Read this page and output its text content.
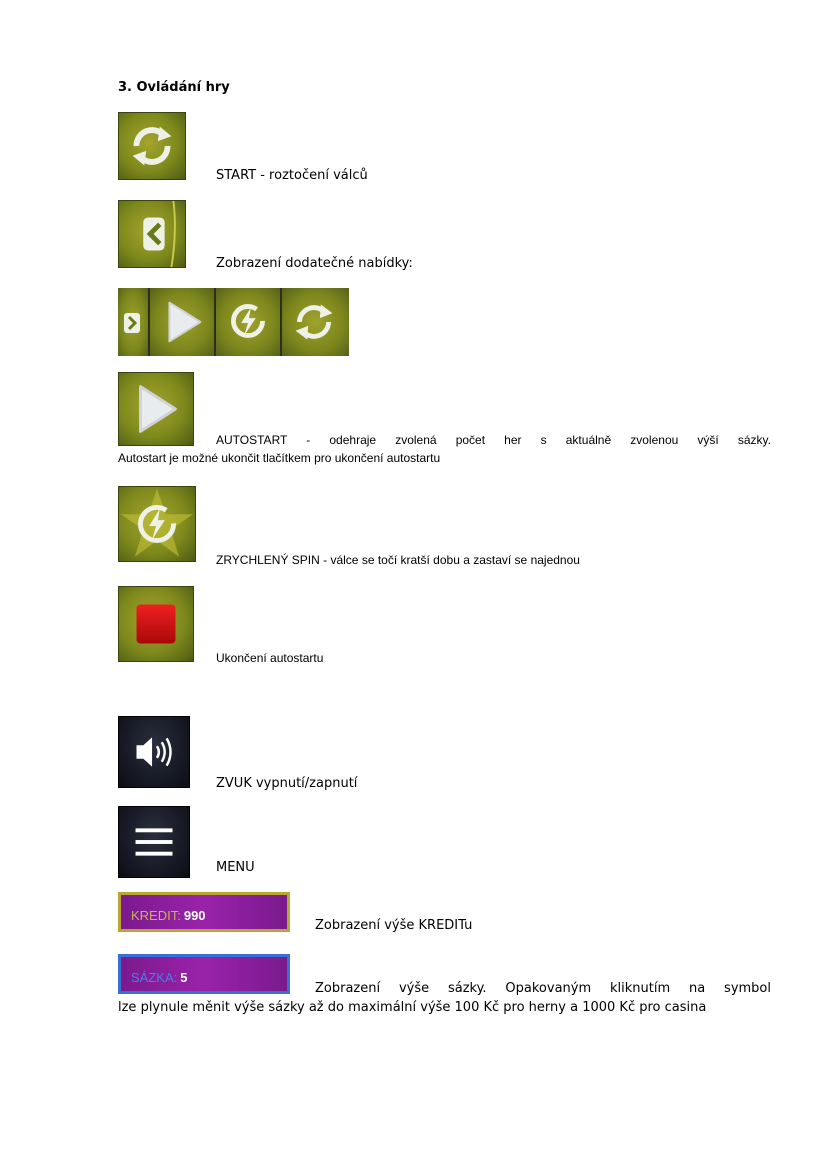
3. Ovládání hry
START - roztočení válců
Zobrazení dodatečné nabídky:
AUTOSTART - odehraje zvolená počet her s aktuálně zvolenou výší sázky.
Autostart je možné ukončit tlačítkem pro ukončení autostartu
ZRYCHLENÝ SPIN - válce se točí kratší dobu a zastaví se najednou
Ukončení autostartu
ZVUK vypnutí/zapnutí
MENU
KREDIT: 990
Zobrazení výše KREDITu
SÁZKA: 5
Zobrazení výše sázky. Opakovaným kliknutím na symbol
lze plynule měnit výše sázky až do maximální výše 100 Kč pro herny a 1000 Kč pro casina
